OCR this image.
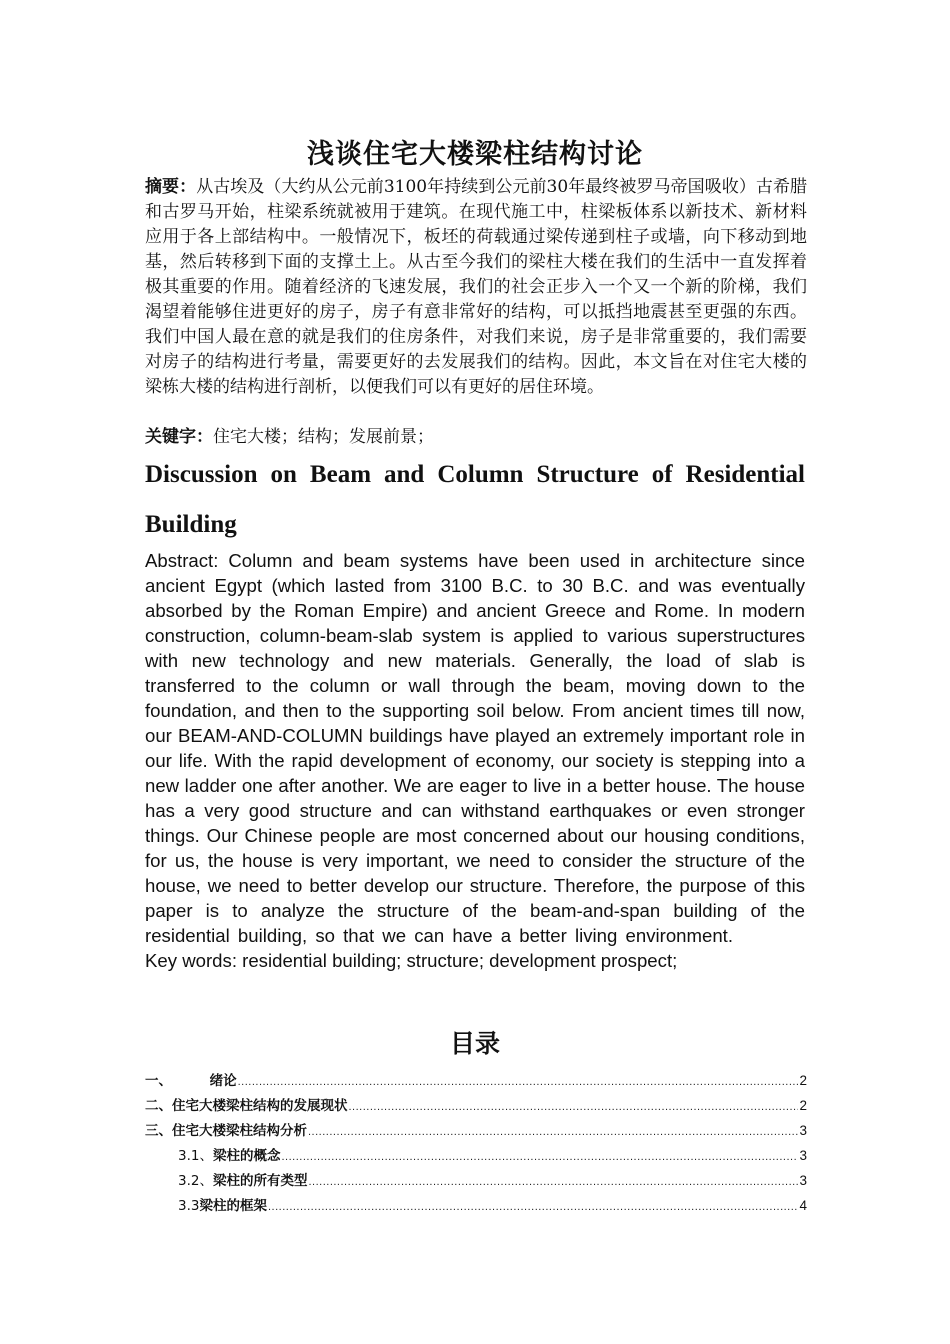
浅谈住宅大楼梁柱结构讨论
摘要：从古埃及（大约从公元前3100年持续到公元前30年最终被罗马帝国吸收）古希腊和古罗马开始，柱梁系统就被用于建筑。在现代施工中，柱梁板体系以新技术、新材料应用于各上部结构中。一般情况下，板坯的荷载通过梁传递到柱子或墙，向下移动到地基，然后转移到下面的支撑土上。从古至今我们的梁柱大楼在我们的生活中一直发挥着极其重要的作用。随着经济的飞速发展，我们的社会正步入一个又一个新的阶梯，我们渴望着能够住进更好的房子，房子有意非常好的结构，可以抵挡地震甚至更强的东西。我们中国人最在意的就是我们的住房条件，对我们来说，房子是非常重要的，我们需要对房子的结构进行考量，需要更好的去发展我们的结构。因此，本文旨在对住宅大楼的梁栋大楼的结构进行剖析，以便我们可以有更好的居住环境。
关键字：住宅大楼；结构；发展前景；
Discussion on Beam and Column Structure of Residential Building
Abstract: Column and beam systems have been used in architecture since ancient Egypt (which lasted from 3100 B.C. to 30 B.C. and was eventually absorbed by the Roman Empire) and ancient Greece and Rome. In modern construction, column-beam-slab system is applied to various superstructures with new technology and new materials. Generally, the load of slab is transferred to the column or wall through the beam, moving down to the foundation, and then to the supporting soil below. From ancient times till now, our BEAM-AND-COLUMN buildings have played an extremely important role in our life. With the rapid development of economy, our society is stepping into a new ladder one after another. We are eager to live in a better house. The house has a very good structure and can withstand earthquakes or even stronger things. Our Chinese people are most concerned about our housing conditions, for us, the house is very important, we need to consider the structure of the house, we need to better develop our structure. Therefore, the purpose of this paper is to analyze the structure of the beam-and-span building of the residential building, so that we can have a better living environment.Key words: residential building; structure; development prospect;
目录
一、 绪论 .....	2
二、 住宅大楼梁柱结构的发展现状 .....	2
三、 住宅大楼梁柱结构分析 .....	3
3.1、 梁柱的概念 .....	3
3.2、 梁柱的所有类型 .....	3
3.3 梁柱的框架 .....	4
